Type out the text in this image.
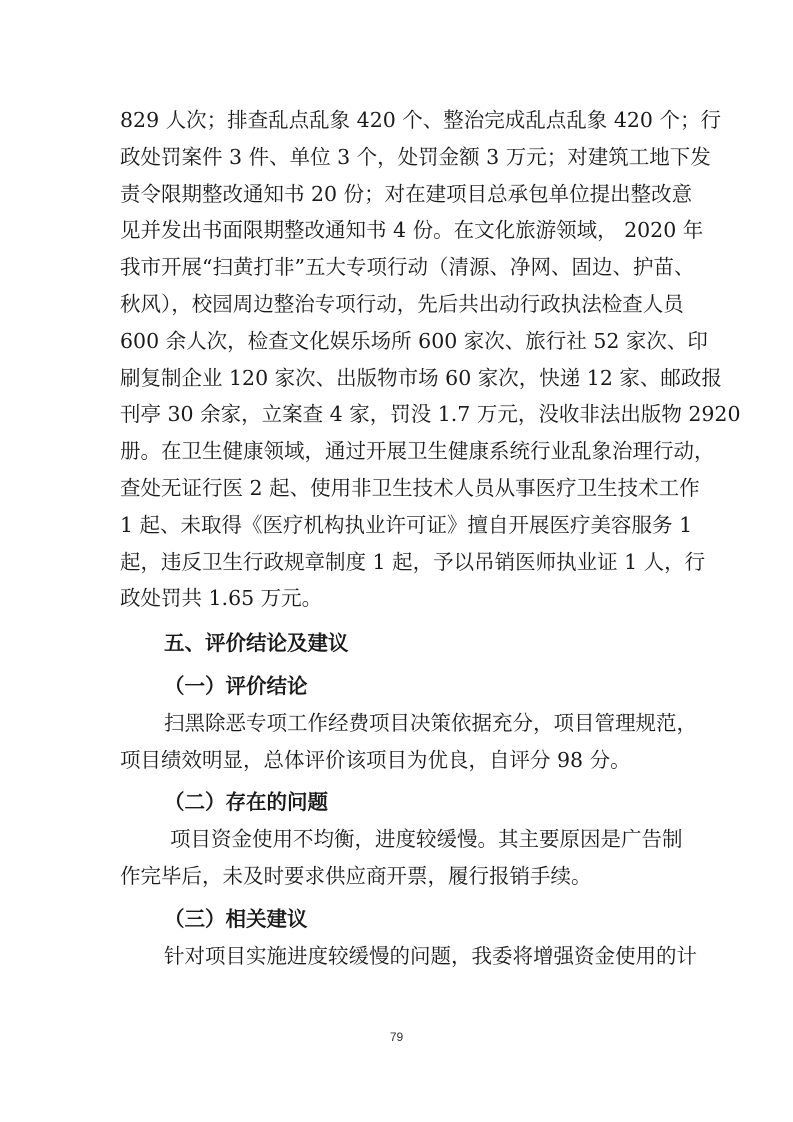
829 人次；排查乱点乱象 420 个、整治完成乱点乱象 420 个；行
政处罚案件 3 件、单位 3 个，处罚金额 3 万元；对建筑工地下发
责令限期整改通知书 20 份；对在建项目总承包单位提出整改意
见并发出书面限期整改通知书 4 份。在文化旅游领域， 2020 年
我市开展“扫黄打非”五大专项行动（清源、净网、固边、护苗、
秋风），校园周边整治专项行动，先后共出动行政执法检查人员
600 余人次，检查文化娱乐场所 600 家次、旅行社 52 家次、印
刷复制企业 120 家次、出版物市场 60 家次，快递 12 家、邮政报
刊亭 30 余家，立案查 4 家，罚没 1.7 万元，没收非法出版物 2920
册。在卫生健康领域，通过开展卫生健康系统行业乱象治理行动，
查处无证行医 2 起、使用非卫生技术人员从事医疗卫生技术工作
1 起、未取得《医疗机构执业许可证》擅自开展医疗美容服务 1
起，违反卫生行政规章制度 1 起，予以吊销医师执业证 1 人，行
政处罚共 1.65 万元。
五、评价结论及建议
（一）评价结论
扫黑除恶专项工作经费项目决策依据充分，项目管理规范，
项目绩效明显，总体评价该项目为优良，自评分 98 分。
（二）存在的问题
项目资金使用不均衡，进度较缓慢。其主要原因是广告制
作完毕后，未及时要求供应商开票，履行报销手续。
（三）相关建议
针对项目实施进度较缓慢的问题，我委将增强资金使用的计
79
